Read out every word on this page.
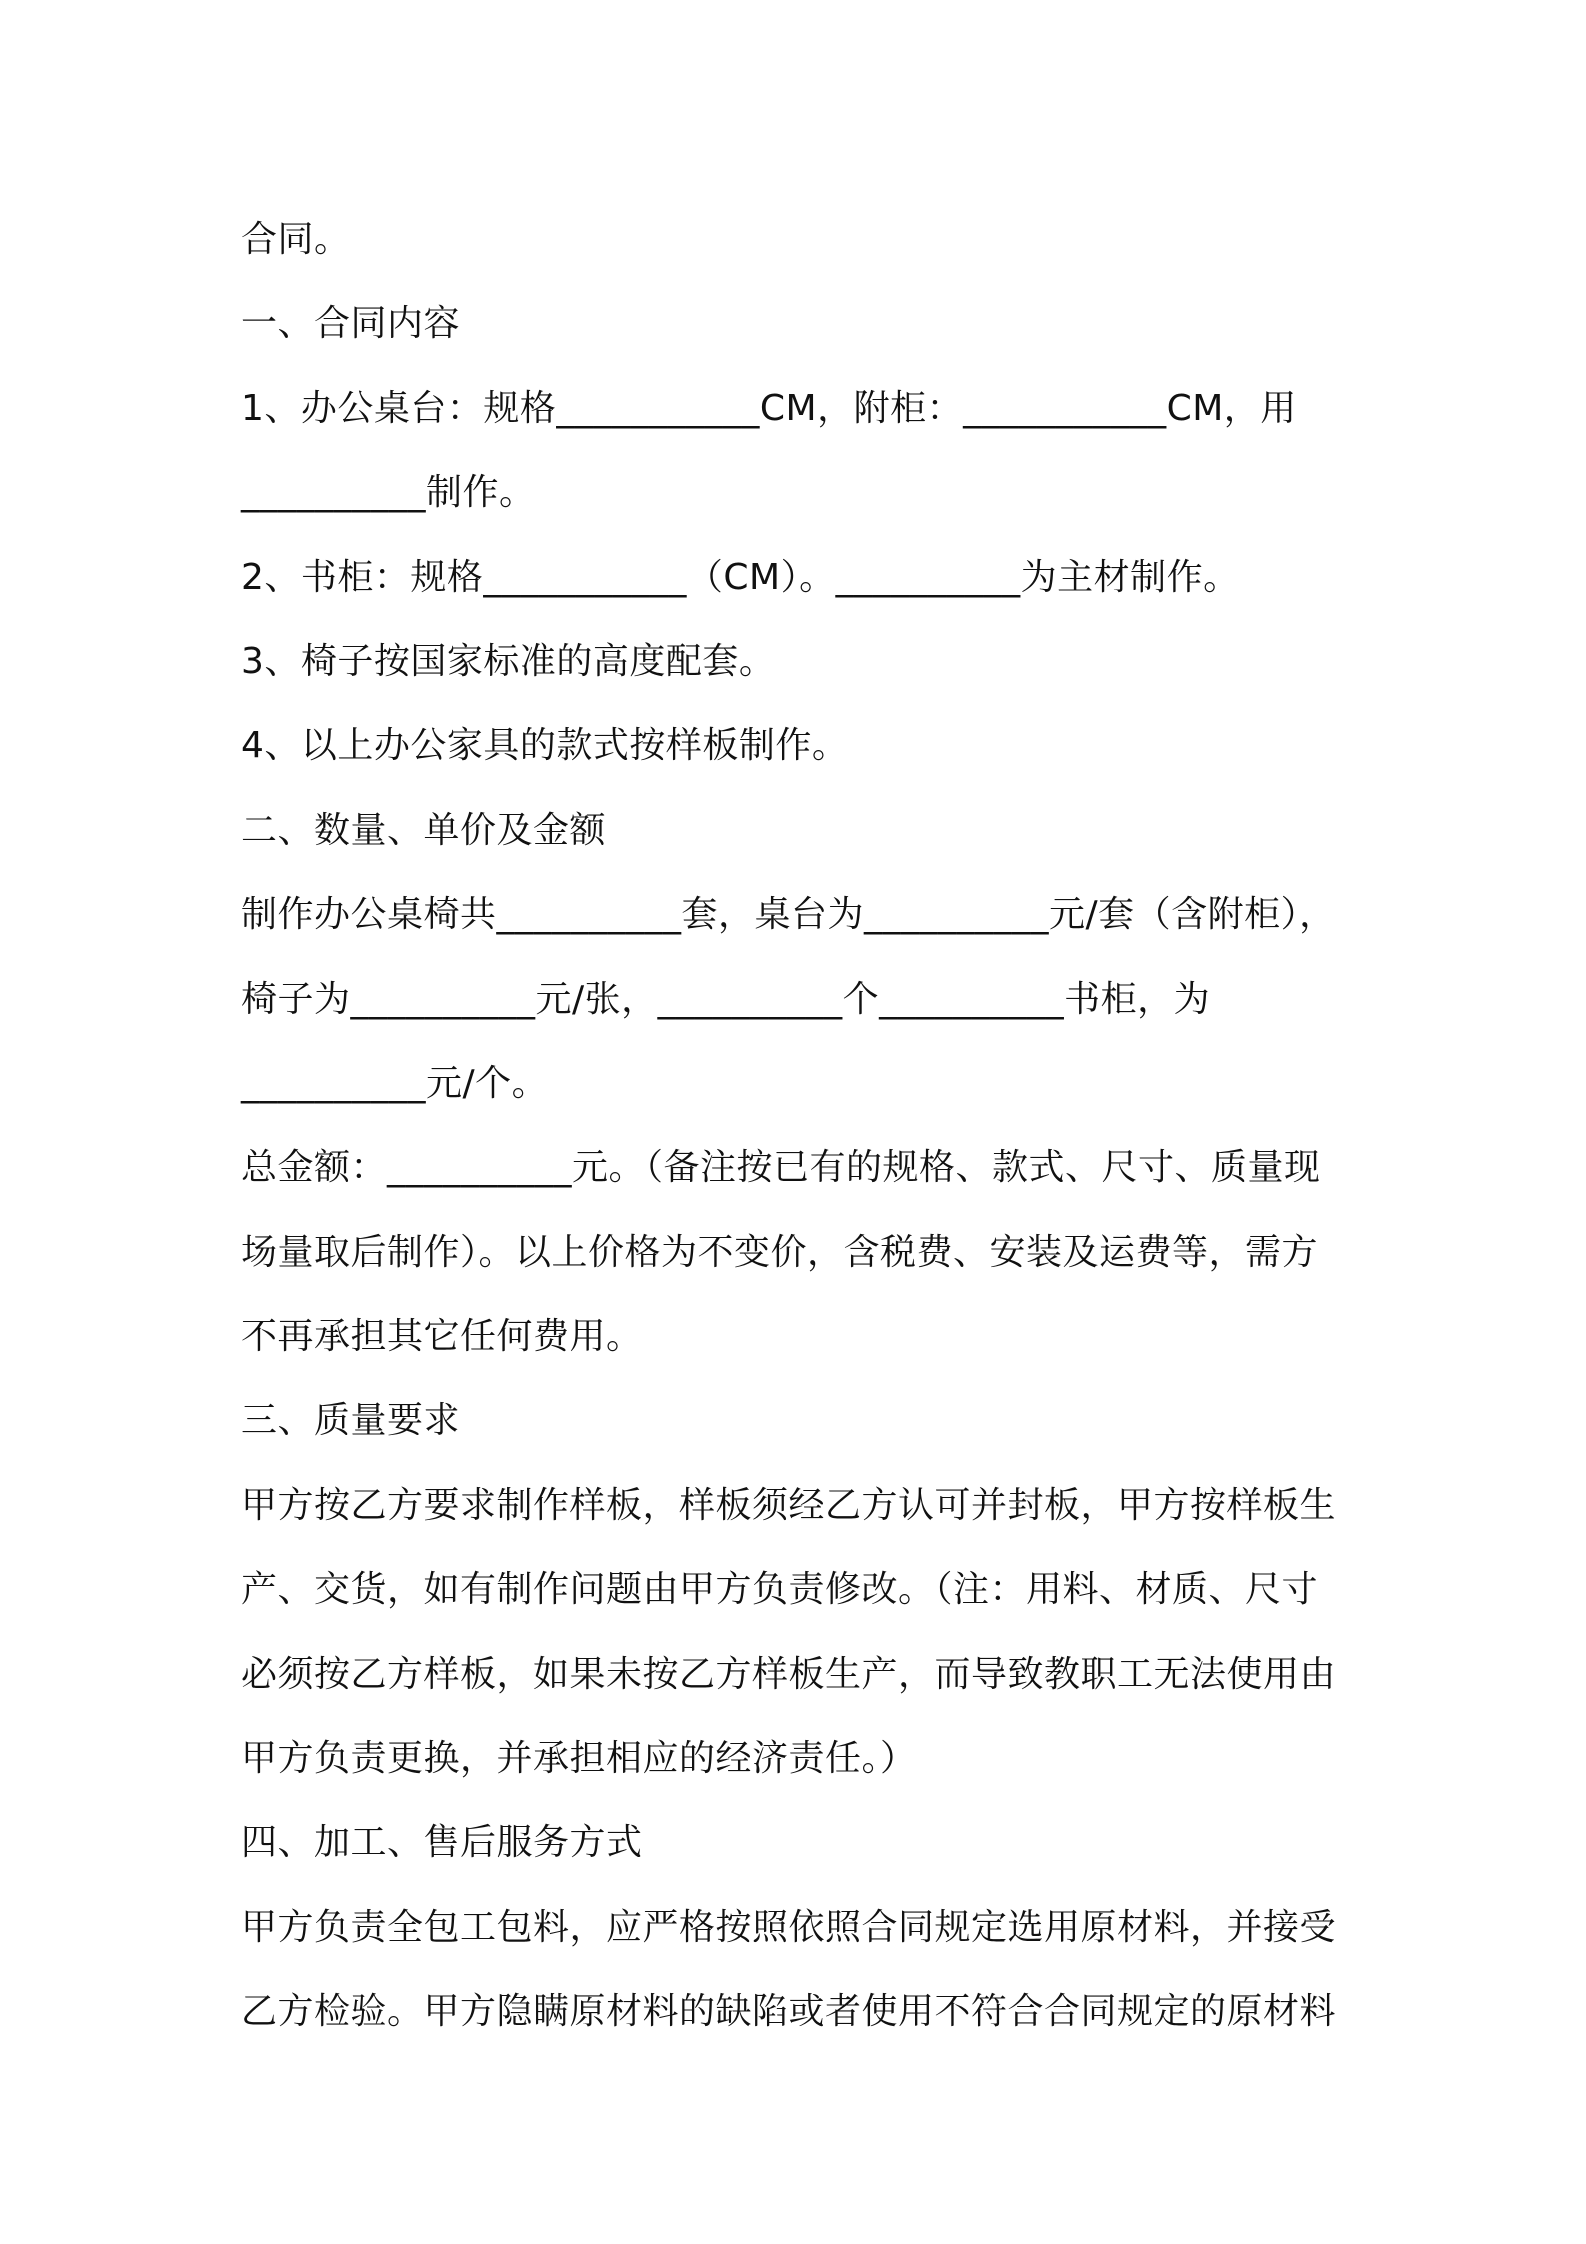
合同。
一、合同内容
1、办公桌台：规格___________CM，附柜：___________CM，用
__________制作。
2、书柜：规格___________（CM）。__________为主材制作。
3、椅子按国家标准的高度配套。
4、以上办公家具的款式按样板制作。
二、数量、单价及金额
制作办公桌椅共__________套，桌台为__________元/套（含附柜），
椅子为__________元/张，__________个__________书柜，为
__________元/个。
总金额：__________元。（备注按已有的规格、款式、尺寸、质量现
场量取后制作）。以上价格为不变价，含税费、安装及运费等，需方
不再承担其它任何费用。
三、质量要求
甲方按乙方要求制作样板，样板须经乙方认可并封板，甲方按样板生
产、交货，如有制作问题由甲方负责修改。（注：用料、材质、尺寸
必须按乙方样板，如果未按乙方样板生产，而导致教职工无法使用由
甲方负责更换，并承担相应的经济责任。）
四、加工、售后服务方式
甲方负责全包工包料，应严格按照依照合同规定选用原材料，并接受
乙方检验。甲方隐瞒原材料的缺陷或者使用不符合合同规定的原材料
